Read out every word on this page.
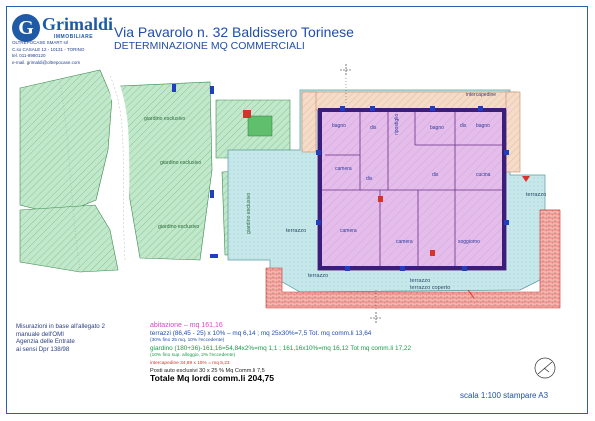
G Grimaldi
IMMOBILIARE
OLTREPOCASE SMART srl
C.so CASALE 12 - 10131 - TORINO
tel. 011-8980120
e-mail. grimaldi@oltrepocase.com
Via Pavarolo n. 32 Baldissero Torinese
DETERMINAZIONE MQ COMMERCIALI
intercapedine
bagno	dis	ripostiglio	bagno	dis bagno
camera
dis
dis	cucina
camera
camera	soggiorno
terrazzo
terrazzo
terrazzo
terrazzo coperto
terrazzo
giardino esclusivo
giardino esclusivo
giardino esclusivo	giardino esclusivo
Misurazioni in base all'allegato 2
manuale dell'OMI
Agenzia delle Entrate
ai sensi Dpr 138/98
abitazione – mq 161,16
terrazzi (86,45 - 25) x 10% – mq 6,14 ; mq 25x30%=7,5 Tot. mq comm.li 13,64
(30% fino 25 mq, 10% l'eccedente)
giardino (180+36)-161,16=54,84x2%=mq 1,1 ; 161,16x10%=mq 16,12 Tot mq comm.li 17,22
(10% fino sup. alloggio, 2% l'eccedente)
intercapedine 34,89 x 15% = mq 5,23
Posti auto esclusivi 30 x 25 % Mq Comm.li 7,5
Totale Mq lordi comm.li 204,75
scala 1:100 stampare A3
